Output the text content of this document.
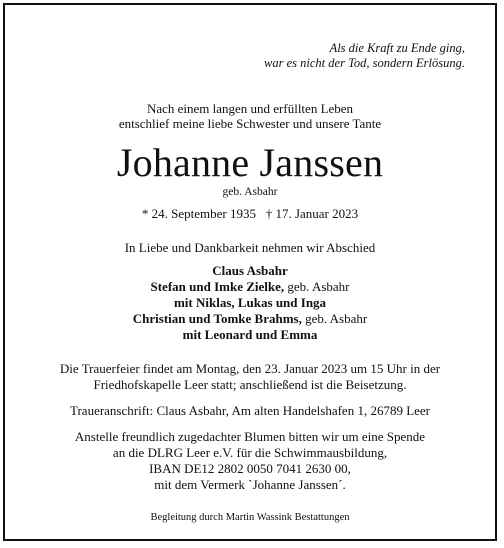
Als die Kraft zu Ende ging,
war es nicht der Tod, sondern Erlösung.
Nach einem langen und erfüllten Leben
entschlief meine liebe Schwester und unsere Tante
Johanne Janssen
geb. Asbahr
* 24. September 1935   † 17. Januar 2023
In Liebe und Dankbarkeit nehmen wir Abschied
Claus Asbahr
Stefan und Imke Zielke, geb. Asbahr
mit Niklas, Lukas und Inga
Christian und Tomke Brahms, geb. Asbahr
mit Leonard und Emma
Die Trauerfeier findet am Montag, den 23. Januar 2023 um 15 Uhr in der
Friedhofskapelle Leer statt; anschließend ist die Beisetzung.
Traueranschrift: Claus Asbahr, Am alten Handelshafen 1, 26789 Leer
Anstelle freundlich zugedachter Blumen bitten wir um eine Spende
an die DLRG Leer e.V. für die Schwimmausbildung,
IBAN DE12 2802 0050 7041 2630 00,
mit dem Vermerk `Johanne Janssen´.
Begleitung durch Martin Wassink Bestattungen
